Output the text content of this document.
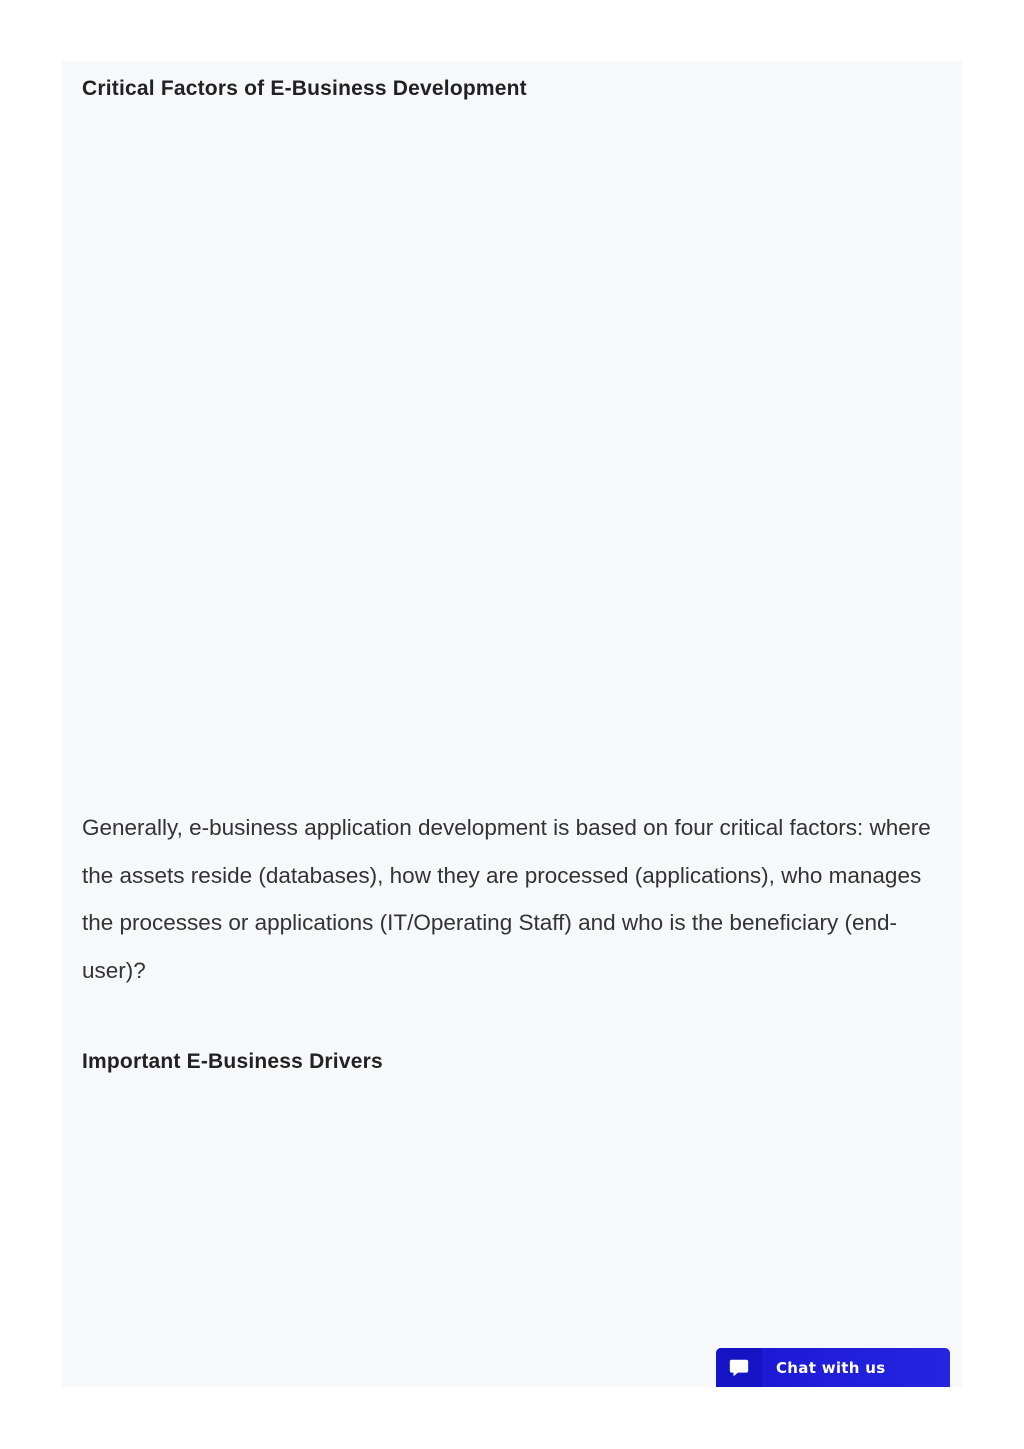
Critical Factors of E-Business Development

Generally, e-business application development is based on four critical factors: where the assets reside (databases), how they are processed (applications), who manages the processes or applications (IT/Operating Staff) and who is the beneficiary (end-user)?

Important E-Business Drivers
Chat with us
